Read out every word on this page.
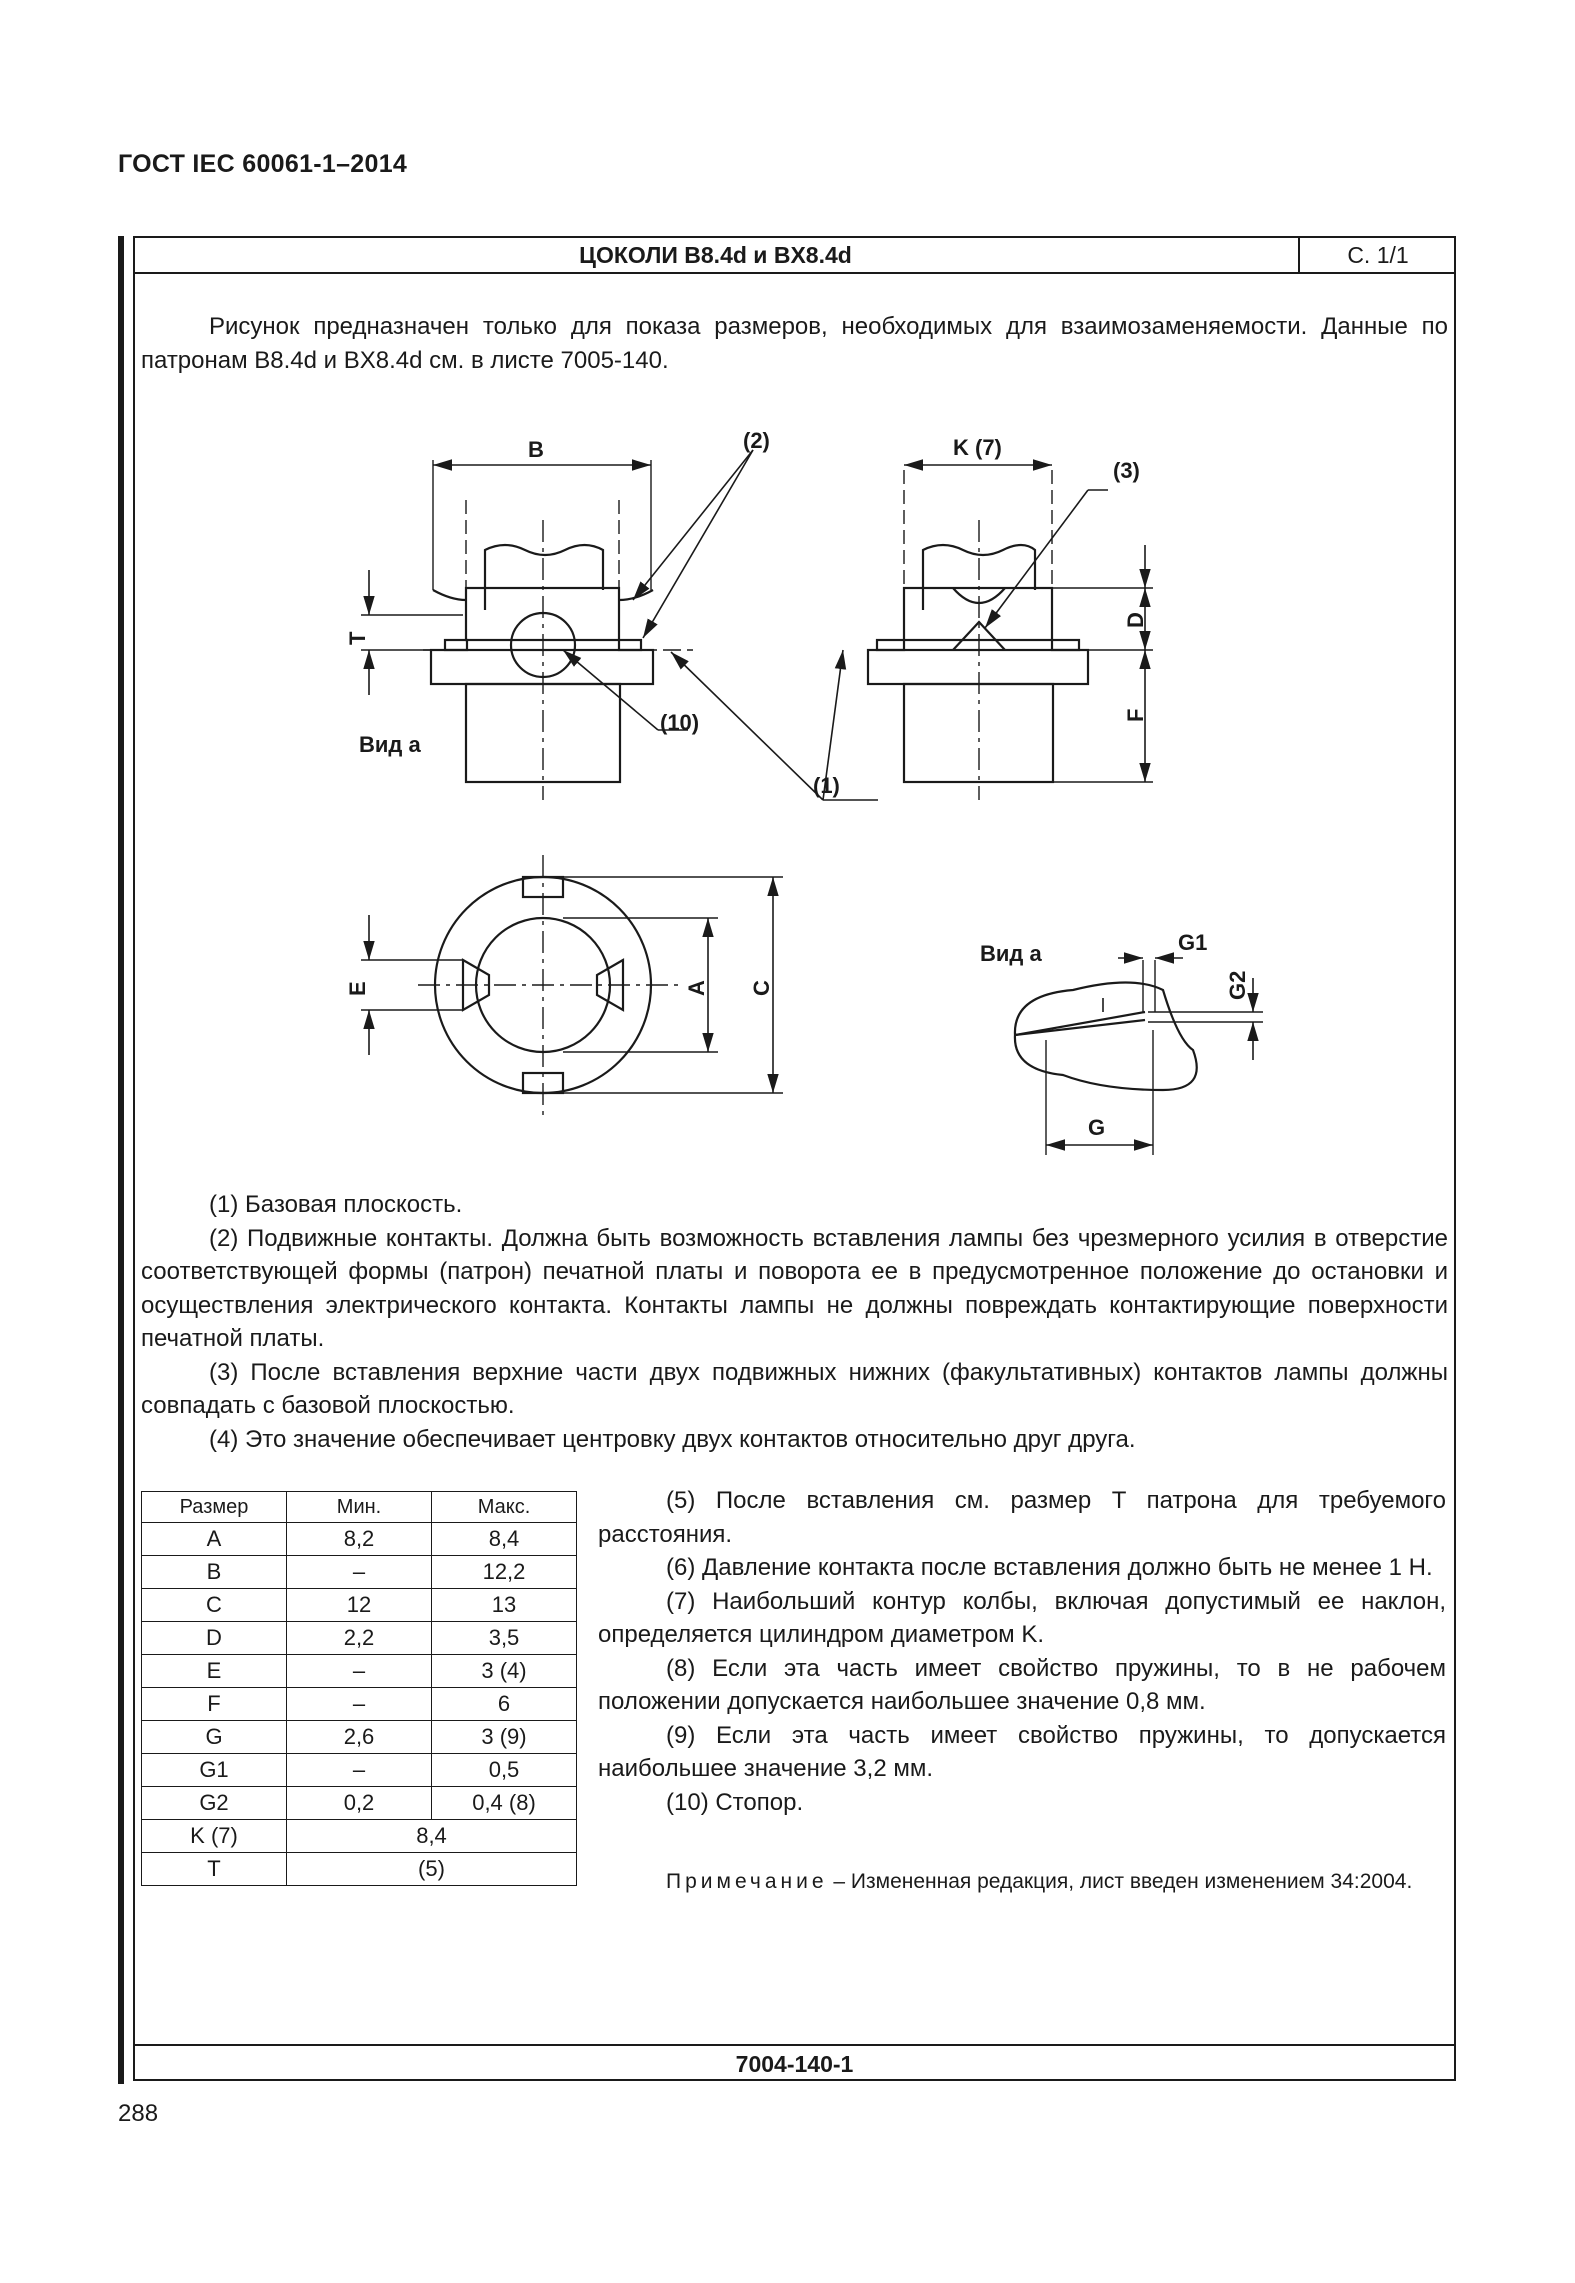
ГОСТ IEC 60061-1–2014
ЦОКОЛИ B8.4d и BX8.4d	С. 1/1
Рисунок предназначен только для показа размеров, необходимых для взаимозаменяемости. Данные по патронам B8.4d и BX8.4d см. в листе 7005-140.
B	(2)	K (7)
(3)
T
D
F
Вид а
(10)
(1)
E	A C
Вид а	G1
G2
G
(1) Базовая плоскость.
(2) Подвижные контакты. Должна быть возможность вставления лампы без чрезмерного усилия в отверстие соответствующей формы (патрон) печатной платы и поворота ее в предусмотренное положение до остановки и осуществления электрического контакта. Контакты лампы не должны повреждать контактирующие поверхности печатной платы.
(3) После вставления верхние части двух подвижных нижних (факультативных) контактов лампы должны совпадать с базовой плоскостью.
(4) Это значение обеспечивает центровку двух контактов относительно друг друга.
Размер	Мин.	Макс.
A	8,2	8,4
B	–	12,2
C	12	13
D	2,2	3,5
E	–	3 (4)
F	–	6
G	2,6	3 (9)
G1	–	0,5
G2	0,2	0,4 (8)
K (7)	8,4	
T	(5)	
(5) После вставления см. размер T патрона для требуемого расстояния.
(6) Давление контакта после вставления должно быть не менее 1 Н.
(7) Наибольший контур колбы, включая допустимый ее наклон, определяется цилиндром диаметром K.
(8) Если эта часть имеет свойство пружины, то в не рабочем положении допускается наибольшее значение 0,8 мм.
(9) Если эта часть имеет свойство пружины, то допускается наибольшее значение 3,2 мм.
(10) Стопор.
Примечание – Измененная редакция, лист введен изменением 34:2004.
7004-140-1
288
